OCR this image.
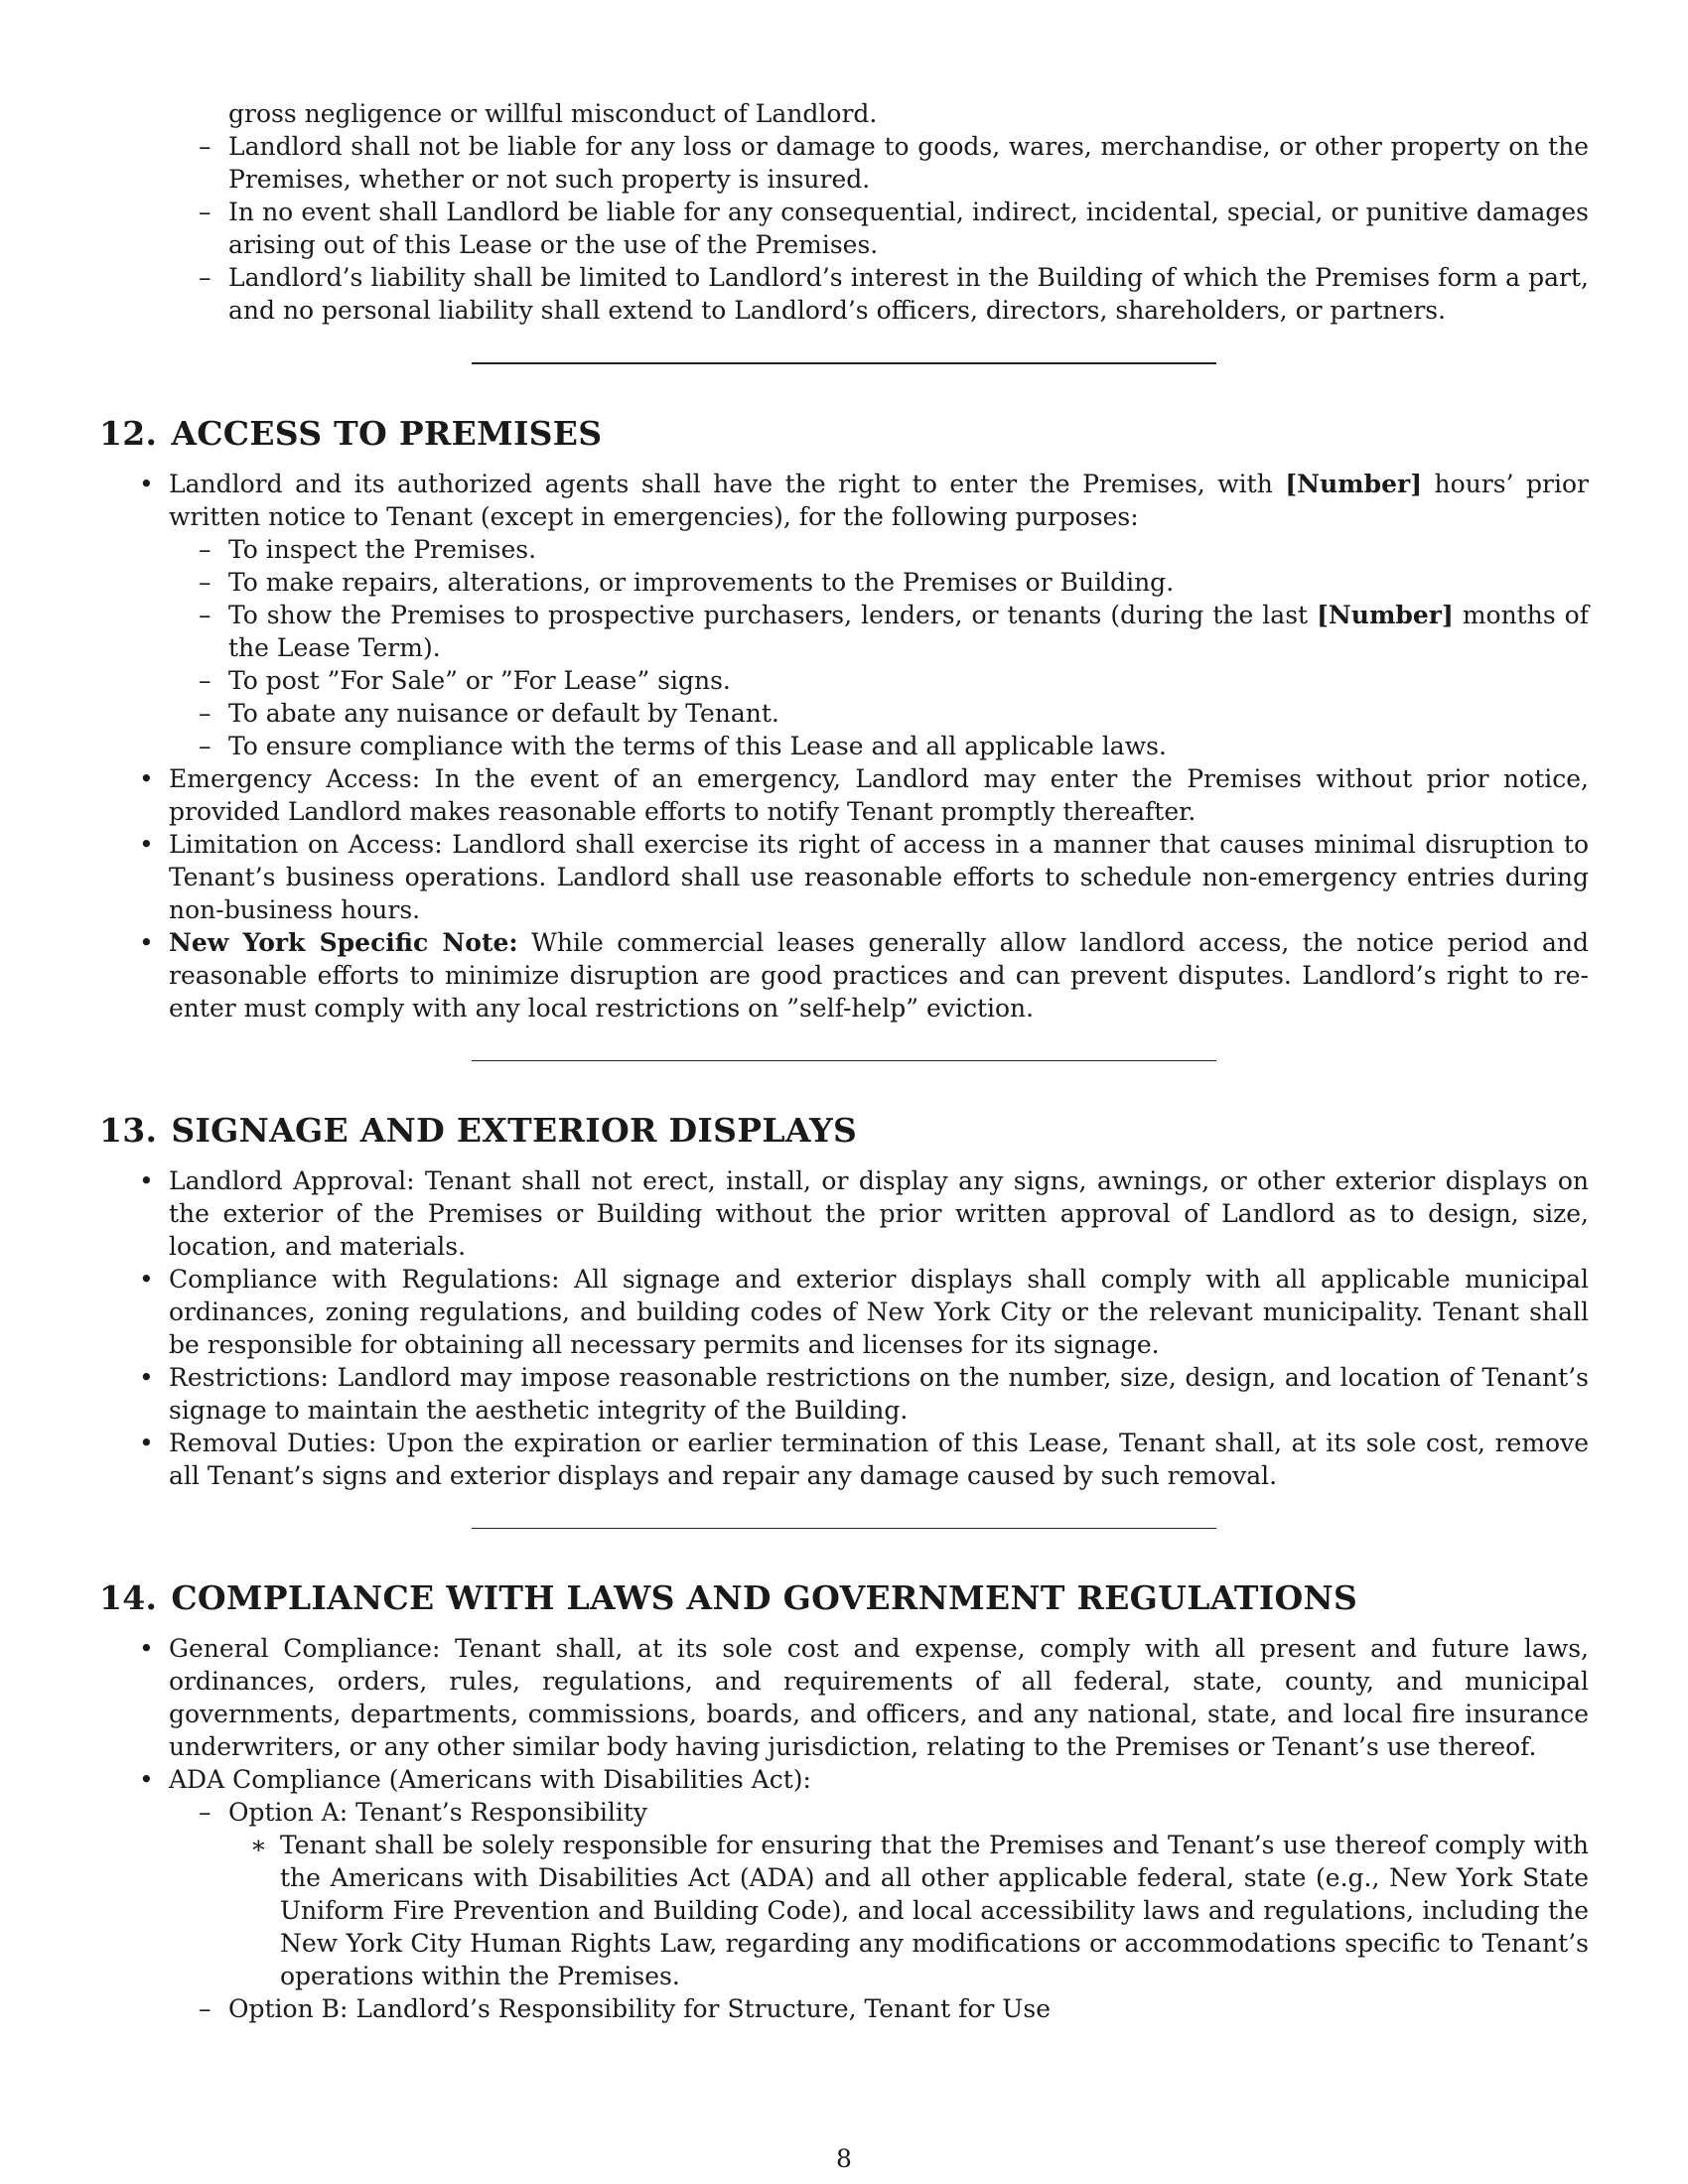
gross negligence or willful misconduct of Landlord.
– Landlord shall not be liable for any loss or damage to goods, wares, merchandise, or other property on the Premises, whether or not such property is insured.
– In no event shall Landlord be liable for any consequential, indirect, incidental, special, or punitive damages arising out of this Lease or the use of the Premises.
– Landlord’s liability shall be limited to Landlord’s interest in the Building of which the Premises form a part, and no personal liability shall extend to Landlord’s officers, directors, shareholders, or partners.
12. ACCESS TO PREMISES
• Landlord and its authorized agents shall have the right to enter the Premises, with [Number] hours’ prior written notice to Tenant (except in emergencies), for the following purposes:
– To inspect the Premises.
– To make repairs, alterations, or improvements to the Premises or Building.
– To show the Premises to prospective purchasers, lenders, or tenants (during the last [Number] months of the Lease Term).
– To post ”For Sale” or ”For Lease” signs.
– To abate any nuisance or default by Tenant.
– To ensure compliance with the terms of this Lease and all applicable laws.
• Emergency Access: In the event of an emergency, Landlord may enter the Premises without prior notice, provided Landlord makes reasonable efforts to notify Tenant promptly thereafter.
• Limitation on Access: Landlord shall exercise its right of access in a manner that causes minimal disruption to Tenant’s business operations. Landlord shall use reasonable efforts to schedule non-emergency entries during non-business hours.
• New York Specific Note: While commercial leases generally allow landlord access, the notice period and reasonable efforts to minimize disruption are good practices and can prevent disputes. Landlord’s right to re-enter must comply with any local restrictions on ”self-help” eviction.
13. SIGNAGE AND EXTERIOR DISPLAYS
• Landlord Approval: Tenant shall not erect, install, or display any signs, awnings, or other exterior displays on the exterior of the Premises or Building without the prior written approval of Landlord as to design, size, location, and materials.
• Compliance with Regulations: All signage and exterior displays shall comply with all applicable municipal ordinances, zoning regulations, and building codes of New York City or the relevant municipality. Tenant shall be responsible for obtaining all necessary permits and licenses for its signage.
• Restrictions: Landlord may impose reasonable restrictions on the number, size, design, and location of Tenant’s signage to maintain the aesthetic integrity of the Building.
• Removal Duties: Upon the expiration or earlier termination of this Lease, Tenant shall, at its sole cost, remove all Tenant’s signs and exterior displays and repair any damage caused by such removal.
14. COMPLIANCE WITH LAWS AND GOVERNMENT REGULATIONS
• General Compliance: Tenant shall, at its sole cost and expense, comply with all present and future laws, ordinances, orders, rules, regulations, and requirements of all federal, state, county, and municipal governments, departments, commissions, boards, and officers, and any national, state, and local fire insurance underwriters, or any other similar body having jurisdiction, relating to the Premises or Tenant’s use thereof.
• ADA Compliance (Americans with Disabilities Act):
– Option A: Tenant’s Responsibility
∗ Tenant shall be solely responsible for ensuring that the Premises and Tenant’s use thereof comply with the Americans with Disabilities Act (ADA) and all other applicable federal, state (e.g., New York State Uniform Fire Prevention and Building Code), and local accessibility laws and regulations, including the New York City Human Rights Law, regarding any modifications or accommodations specific to Tenant’s operations within the Premises.
– Option B: Landlord’s Responsibility for Structure, Tenant for Use
8
